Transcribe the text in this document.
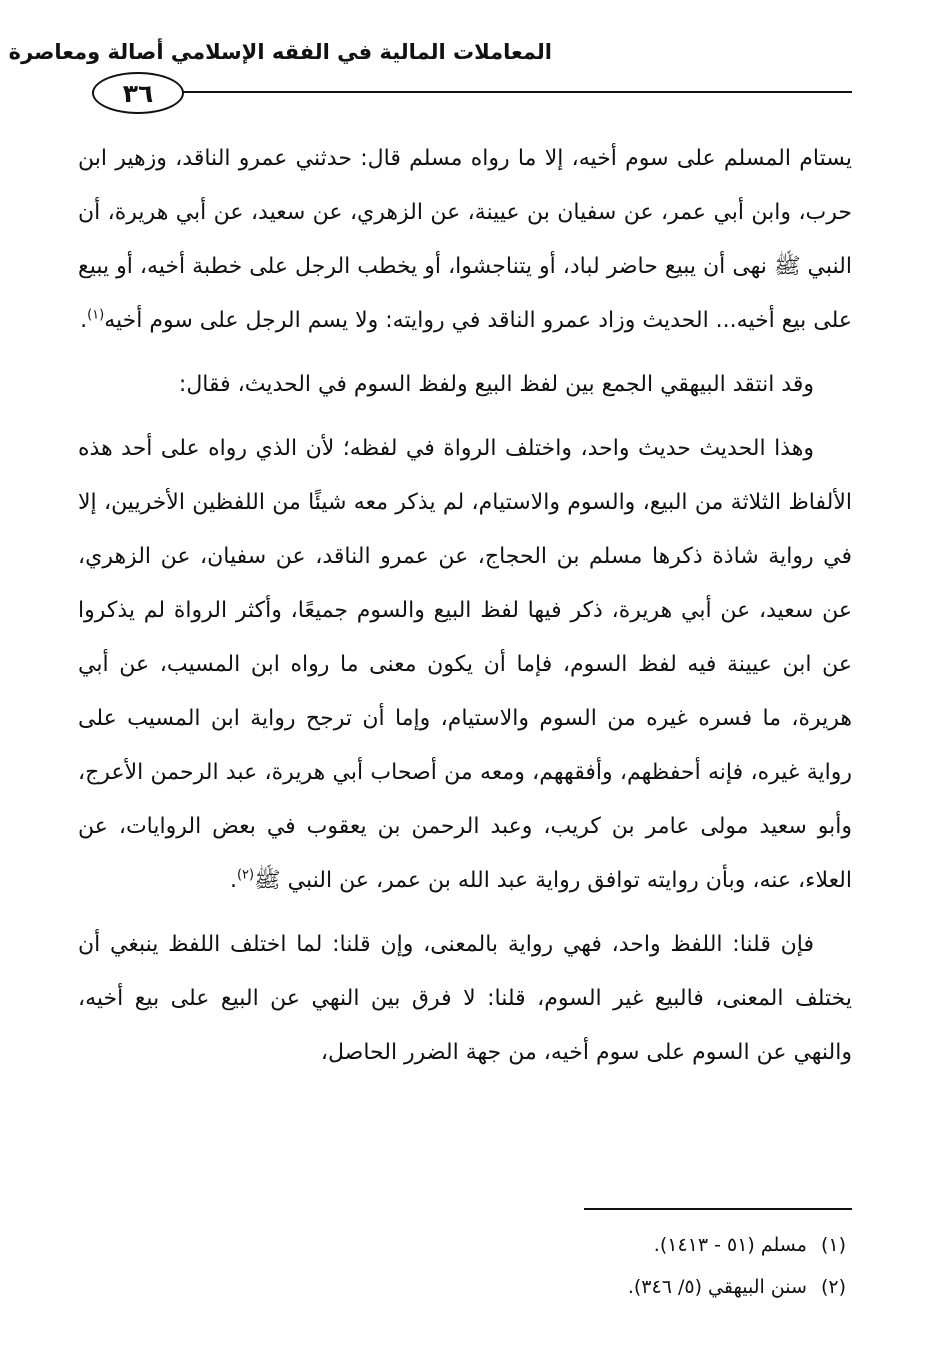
المعاملات المالية في الفقه الإسلامي أصالة ومعاصرة
٣٦

يستام المسلم على سوم أخيه، إلا ما رواه مسلم قال: حدثني عمرو الناقد، وزهير ابن حرب، وابن أبي عمر، عن سفيان بن عيينة، عن الزهري، عن سعيد، عن أبي هريرة، أن النبي ﷺ نهى أن يبيع حاضر لباد، أو يتناجشوا، أو يخطب الرجل على خطبة أخيه، أو يبيع على بيع أخيه... الحديث وزاد عمرو الناقد في روايته: ولا يسم الرجل على سوم أخيه$^{(١)}$.

وقد انتقد البيهقي الجمع بين لفظ البيع ولفظ السوم في الحديث، فقال:

وهذا الحديث حديث واحد، واختلف الرواة في لفظه؛ لأن الذي رواه على أحد هذه الألفاظ الثلاثة من البيع، والسوم والاستيام، لم يذكر معه شيئًا من اللفظين الأخريين، إلا في رواية شاذة ذكرها مسلم بن الحجاج، عن عمرو الناقد، عن سفيان، عن الزهري، عن سعيد، عن أبي هريرة، ذكر فيها لفظ البيع والسوم جميعًا، وأكثر الرواة لم يذكروا عن ابن عيينة فيه لفظ السوم، فإما أن يكون معنى ما رواه ابن المسيب، عن أبي هريرة، ما فسره غيره من السوم والاستيام، وإما أن ترجح رواية ابن المسيب على رواية غيره، فإنه أحفظهم، وأفقههم، ومعه من أصحاب أبي هريرة، عبد الرحمن الأعرج، وأبو سعيد مولى عامر بن كريب، وعبد الرحمن بن يعقوب في بعض الروايات، عن العلاء، عنه، وبأن روايته توافق رواية عبد الله بن عمر، عن النبي ﷺ$^{(٢)}$.

فإن قلنا: اللفظ واحد، فهي رواية بالمعنى، وإن قلنا: لما اختلف اللفظ ينبغي أن يختلف المعنى، فالبيع غير السوم، قلنا: لا فرق بين النهي عن البيع على بيع أخيه، والنهي عن السوم على سوم أخيه، من جهة الضرر الحاصل،

(١)مسلم (٥١ - ١٤١٣).
(٢)سنن البيهقي (٥/ ٣٤٦).
